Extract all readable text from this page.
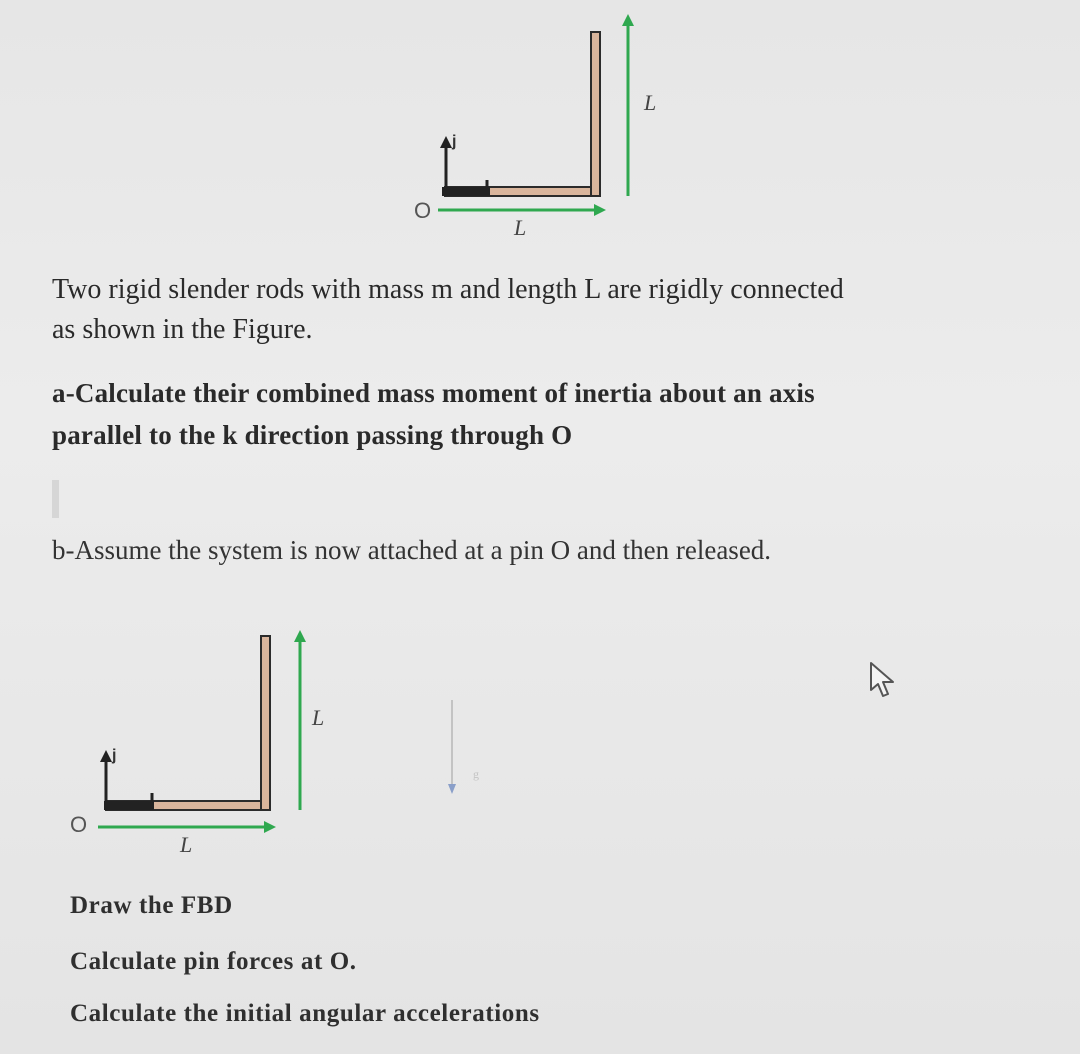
j
O
L
L

Two rigid slender rods with mass m and length L are rigidly connected
as shown in the Figure.

a-Calculate their combined mass moment of inertia about an axis
parallel to the k direction passing through O

b-Assume the system is now attached at a pin O and then released.

j
O
L
L
g

Draw the FBD

Calculate pin forces at O.

Calculate the initial angular accelerations
